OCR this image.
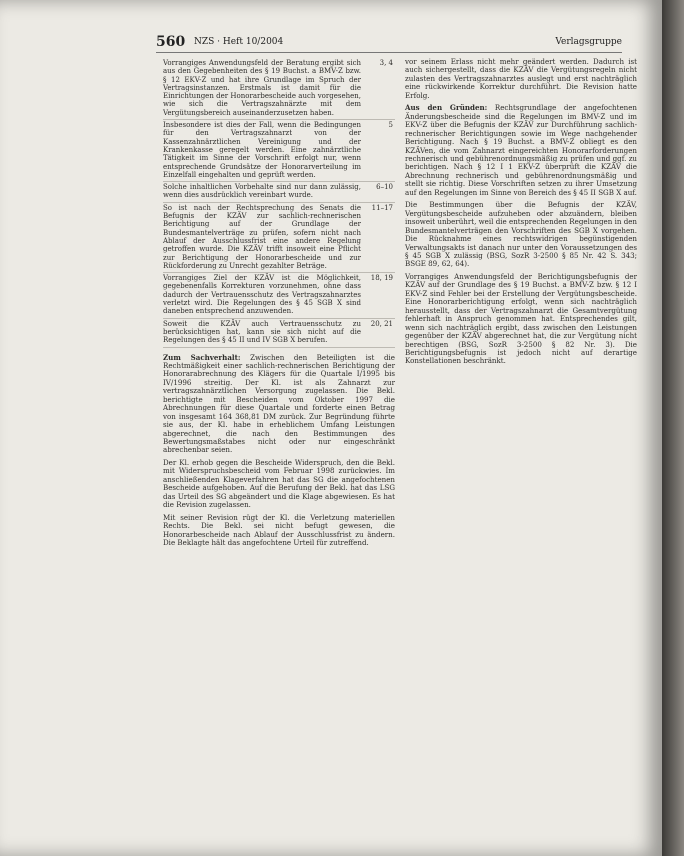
560 NZS · Heft 10/2004	Verlagsgruppe
Vorrangiges Anwendungsfeld der Beratung ergibt sich aus den Gegebenheiten des § 19 Buchst. a BMV-Z bzw. § 12 EKV-Z und hat ihre Grundlage im Spruch der Vertragsinstanzen. Erstmals ist damit für die Einrichtungen der Honorarbescheide auch vorgesehen, wie sich die Vertragszahnärzte mit dem Vergütungsbereich auseinanderzusetzen haben.	3, 4
Insbesondere ist dies der Fall, wenn die Bedingungen für den Vertragszahnarzt von der Kassenzahnärztlichen Vereinigung und der Krankenkasse geregelt werden. Eine zahnärztliche Tätigkeit im Sinne der Vorschrift erfolgt nur, wenn entsprechende Grundsätze der Honorarverteilung im Einzelfall eingehalten und geprüft werden.	5
Solche inhaltlichen Vorbehalte sind nur dann zulässig, wenn dies ausdrücklich vereinbart wurde.	6–10
So ist nach der Rechtsprechung des Senats die Befugnis der KZÄV zur sachlich-rechnerischen Berichtigung auf der Grundlage der Bundesmantelverträge zu prüfen, sofern nicht nach Ablauf der Ausschlussfrist eine andere Regelung getroffen wurde. Die KZÄV trifft insoweit eine Pflicht zur Berichtigung der Honorarbescheide und zur Rückforderung zu Unrecht gezahlter Beträge.	11–17
Vorrangiges Ziel der KZÄV ist die Möglichkeit, gegebenenfalls Korrekturen vorzunehmen, ohne dass dadurch der Vertrauensschutz des Vertragszahnarztes verletzt wird. Die Regelungen des § 45 SGB X sind daneben entsprechend anzuwenden.	18, 19
Soweit die KZÄV auch Vertrauensschutz zu berücksichtigen hat, kann sie sich nicht auf die Regelungen des § 45 II und IV SGB X berufen.	20, 21

Zum Sachverhalt: Zwischen den Beteiligten ist die Rechtmäßigkeit einer sachlich-rechnerischen Berichtigung der Honorarabrechnung des Klägers für die Quartale I/1995 bis IV/1996 streitig. Der Kl. ist als Zahnarzt zur vertragszahnärztlichen Versorgung zugelassen. Die Bekl. berichtigte mit Bescheiden vom Oktober 1997 die Abrechnungen für diese Quartale und forderte einen Betrag von insgesamt 164 368,81 DM zurück. Zur Begründung führte sie aus, der Kl. habe in erheblichem Umfang Leistungen abgerechnet, die nach den Bestimmungen des Bewertungsmaßstabes nicht oder nur eingeschränkt abrechenbar seien.

Der Kl. erhob gegen die Bescheide Widerspruch, den die Bekl. mit Widerspruchsbescheid vom Februar 1998 zurückwies. Im anschließenden Klageverfahren hat das SG die angefochtenen Bescheide aufgehoben. Auf die Berufung der Bekl. hat das LSG das Urteil des SG abgeändert und die Klage abgewiesen. Es hat die Revision zugelassen.

Mit seiner Revision rügt der Kl. die Verletzung materiellen Rechts. Die Bekl. sei nicht befugt gewesen, die Honorarbescheide nach Ablauf der Ausschlussfrist zu ändern. Die Beklagte hält das angefochtene Urteil für zutreffend.

vor seinem Erlass nicht mehr geändert werden. Dadurch ist auch sichergestellt, dass die KZÄV die Vergütungsregeln nicht zulasten des Vertragszahnarztes auslegt und erst nachträglich eine rückwirkende Korrektur durchführt. Die Revision hatte Erfolg.

Aus den Gründen: Rechtsgrundlage der angefochtenen Änderungsbescheide sind die Regelungen im BMV-Z und im EKV-Z über die Befugnis der KZÄV zur Durchführung sachlich-rechnerischer Berichtigungen sowie im Wege nachgehender Berichtigung. Nach § 19 Buchst. a BMV-Z obliegt es den KZÄVen, die vom Zahnarzt eingereichten Honorarforderungen rechnerisch und gebührenordnungsmäßig zu prüfen und ggf. zu berichtigen. Nach § 12 I 1 EKV-Z überprüft die KZÄV die Abrechnung rechnerisch und gebührenordnungsmäßig und stellt sie richtig. Diese Vorschriften setzen zu ihrer Umsetzung auf den Regelungen im Sinne von Bereich des § 45 II SGB X auf.

Die Bestimmungen über die Befugnis der KZÄV, Vergütungsbescheide aufzuheben oder abzuändern, bleiben insoweit unberührt, weil die entsprechenden Regelungen in den Bundesmantelverträgen den Vorschriften des SGB X vorgehen. Die Rücknahme eines rechtswidrigen begünstigenden Verwaltungsakts ist danach nur unter den Voraussetzungen des § 45 SGB X zulässig (BSG, SozR 3-2500 § 85 Nr. 42 S. 343; BSGE 89, 62, 64).

Vorrangiges Anwendungsfeld der Berichtigungsbefugnis der KZÄV auf der Grundlage des § 19 Buchst. a BMV-Z bzw. § 12 I EKV-Z sind Fehler bei der Erstellung der Vergütungsbescheide. Eine Honorarberichtigung erfolgt, wenn sich nachträglich herausstellt, dass der Vertragszahnarzt die Gesamtvergütung fehlerhaft in Anspruch genommen hat. Entsprechendes gilt, wenn sich nachträglich ergibt, dass zwischen den Leistungen gegenüber der KZÄV abgerechnet hat, die zur Vergütung nicht berechtigen (BSG, SozR 3-2500 § 82 Nr. 3). Die Berichtigungsbefugnis ist jedoch nicht auf derartige Konstellationen beschränkt.
